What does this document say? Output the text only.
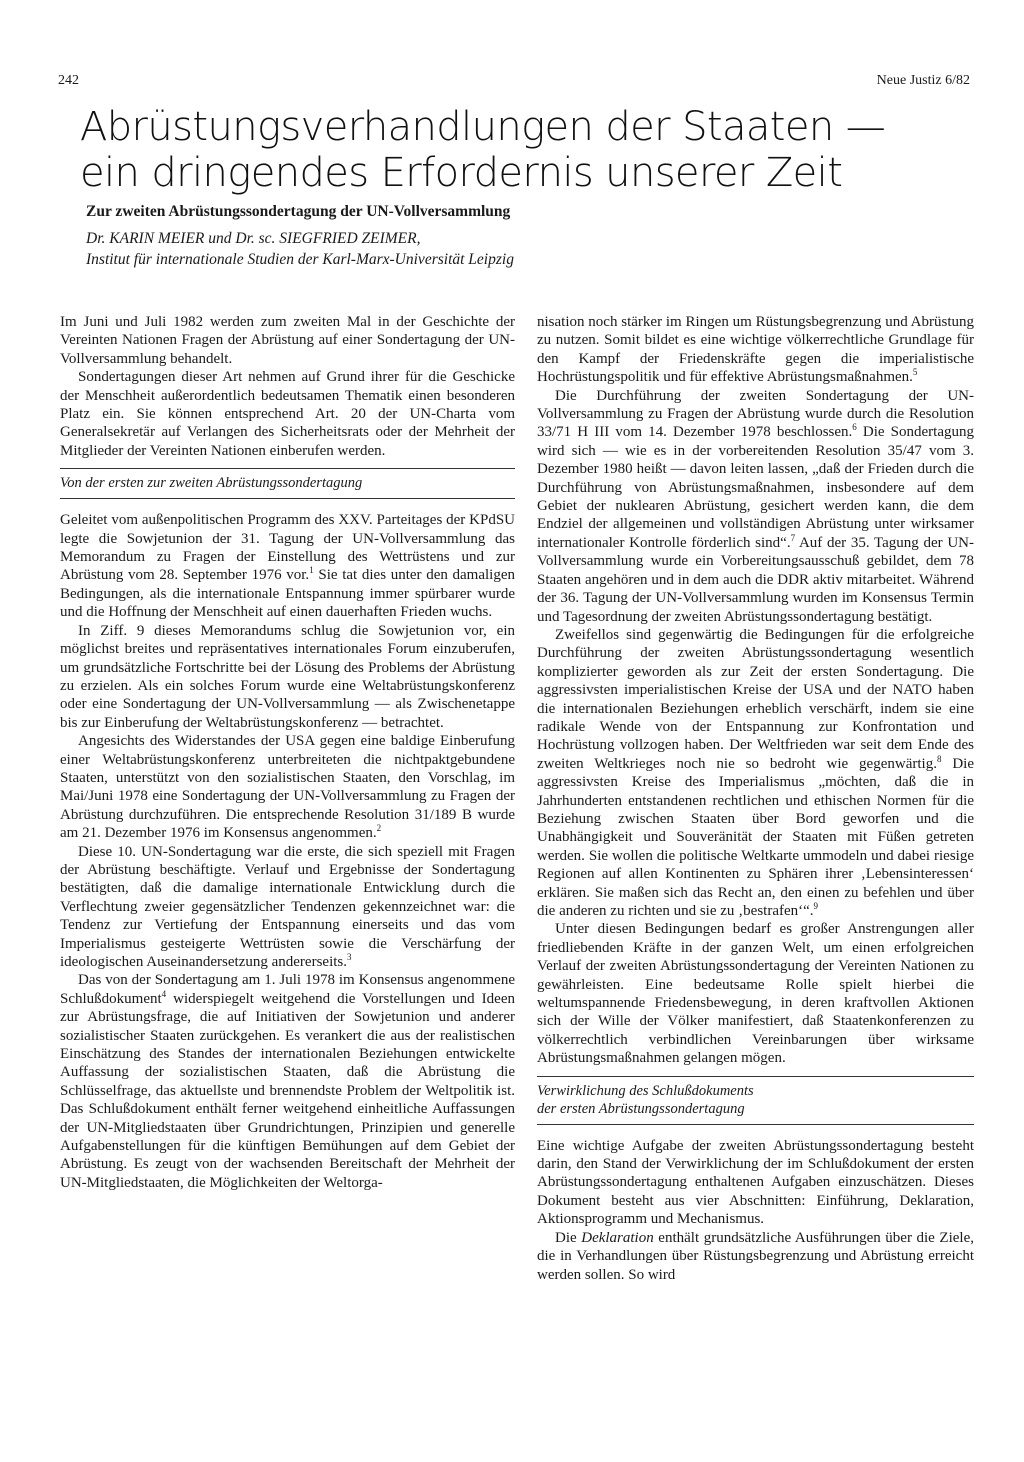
242	Neue Justiz 6/82
Abrüstungsverhandlungen der Staaten —
ein dringendes Erfordernis unserer Zeit
Zur zweiten Abrüstungssondertagung der UN-Vollversammlung
Dr. KARIN MEIER und Dr. sc. SIEGFRIED ZEIMER,
Institut für internationale Studien der Karl-Marx-Universität Leipzig

Im Juni und Juli 1982 werden zum zweiten Mal in der Geschichte der Vereinten Nationen Fragen der Abrüstung auf einer Sondertagung der UN-Vollversammlung behandelt.

Sondertagungen dieser Art nehmen auf Grund ihrer für die Geschicke der Menschheit außerordentlich bedeutsamen Thematik einen besonderen Platz ein. Sie können entsprechend Art. 20 der UN-Charta vom Generalsekretär auf Verlangen des Sicherheitsrats oder der Mehrheit der Mitglieder der Vereinten Nationen einberufen werden.

Von der ersten zur zweiten Abrüstungssondertagung

Geleitet vom außenpolitischen Programm des XXV. Parteitages der KPdSU legte die Sowjetunion der 31. Tagung der UN-Vollversammlung das Memorandum zu Fragen der Einstellung des Wettrüstens und zur Abrüstung vom 28. September 1976 vor.$^1$ Sie tat dies unter den damaligen Bedingungen, als die internationale Entspannung immer spürbarer wurde und die Hoffnung der Menschheit auf einen dauerhaften Frieden wuchs.

In Ziff. 9 dieses Memorandums schlug die Sowjetunion vor, ein möglichst breites und repräsentatives internationales Forum einzuberufen, um grundsätzliche Fortschritte bei der Lösung des Problems der Abrüstung zu erzielen. Als ein solches Forum wurde eine Weltabrüstungskonferenz oder eine Sondertagung der UN-Vollversammlung — als Zwischenetappe bis zur Einberufung der Weltabrüstungskonferenz — betrachtet.

Angesichts des Widerstandes der USA gegen eine baldige Einberufung einer Weltabrüstungskonferenz unterbreiteten die nichtpaktgebundene Staaten, unterstützt von den sozialistischen Staaten, den Vorschlag, im Mai/Juni 1978 eine Sondertagung der UN-Vollversammlung zu Fragen der Abrüstung durchzuführen. Die entsprechende Resolution 31/189 B wurde am 21. Dezember 1976 im Konsensus angenommen.$^2$

Diese 10. UN-Sondertagung war die erste, die sich speziell mit Fragen der Abrüstung beschäftigte. Verlauf und Ergebnisse der Sondertagung bestätigten, daß die damalige internationale Entwicklung durch die Verflechtung zweier gegensätzlicher Tendenzen gekennzeichnet war: die Tendenz zur Vertiefung der Entspannung einerseits und das vom Imperialismus gesteigerte Wettrüsten sowie die Verschärfung der ideologischen Auseinandersetzung andererseits.$^3$

Das von der Sondertagung am 1. Juli 1978 im Konsensus angenommene Schlußdokument$^4$ widerspiegelt weitgehend die Vorstellungen und Ideen zur Abrüstungsfrage, die auf Initiativen der Sowjetunion und anderer sozialistischer Staaten zurückgehen. Es verankert die aus der realistischen Einschätzung des Standes der internationalen Beziehungen entwickelte Auffassung der sozialistischen Staaten, daß die Abrüstung die Schlüsselfrage, das aktuellste und brennendste Problem der Weltpolitik ist. Das Schlußdokument enthält ferner weitgehend einheitliche Auffassungen der UN-Mitgliedstaaten über Grundrichtungen, Prinzipien und generelle Aufgabenstellungen für die künftigen Bemühungen auf dem Gebiet der Abrüstung. Es zeugt von der wachsenden Bereitschaft der Mehrheit der UN-Mitgliedstaaten, die Möglichkeiten der Weltorga-

nisation noch stärker im Ringen um Rüstungsbegrenzung und Abrüstung zu nutzen. Somit bildet es eine wichtige völkerrechtliche Grundlage für den Kampf der Friedenskräfte gegen die imperialistische Hochrüstungspolitik und für effektive Abrüstungsmaßnahmen.$^5$

Die Durchführung der zweiten Sondertagung der UN-Vollversammlung zu Fragen der Abrüstung wurde durch die Resolution 33/71 H III vom 14. Dezember 1978 beschlossen.$^6$ Die Sondertagung wird sich — wie es in der vorbereitenden Resolution 35/47 vom 3. Dezember 1980 heißt — davon leiten lassen, „daß der Frieden durch die Durchführung von Abrüstungsmaßnahmen, insbesondere auf dem Gebiet der nuklearen Abrüstung, gesichert werden kann, die dem Endziel der allgemeinen und vollständigen Abrüstung unter wirksamer internationaler Kontrolle förderlich sind“.$^7$ Auf der 35. Tagung der UN-Vollversammlung wurde ein Vorbereitungsausschuß gebildet, dem 78 Staaten angehören und in dem auch die DDR aktiv mitarbeitet. Während der 36. Tagung der UN-Vollversammlung wurden im Konsensus Termin und Tagesordnung der zweiten Abrüstungssondertagung bestätigt.

Zweifellos sind gegenwärtig die Bedingungen für die erfolgreiche Durchführung der zweiten Abrüstungssondertagung wesentlich komplizierter geworden als zur Zeit der ersten Sondertagung. Die aggressivsten imperialistischen Kreise der USA und der NATO haben die internationalen Beziehungen erheblich verschärft, indem sie eine radikale Wende von der Entspannung zur Konfrontation und Hochrüstung vollzogen haben. Der Weltfrieden war seit dem Ende des zweiten Weltkrieges noch nie so bedroht wie gegenwärtig.$^8$ Die aggressivsten Kreise des Imperialismus „möchten, daß die in Jahrhunderten entstandenen rechtlichen und ethischen Normen für die Beziehung zwischen Staaten über Bord geworfen und die Unabhängigkeit und Souveränität der Staaten mit Füßen getreten werden. Sie wollen die politische Weltkarte ummodeln und dabei riesige Regionen auf allen Kontinenten zu Sphären ihrer ‚Lebensinteressen‘ erklären. Sie maßen sich das Recht an, den einen zu befehlen und über die anderen zu richten und sie zu ‚bestrafen‘“.$^9$

Unter diesen Bedingungen bedarf es großer Anstrengungen aller friedliebenden Kräfte in der ganzen Welt, um einen erfolgreichen Verlauf der zweiten Abrüstungssondertagung der Vereinten Nationen zu gewährleisten. Eine bedeutsame Rolle spielt hierbei die weltumspannende Friedensbewegung, in deren kraftvollen Aktionen sich der Wille der Völker manifestiert, daß Staatenkonferenzen zu völkerrechtlich verbindlichen Vereinbarungen über wirksame Abrüstungsmaßnahmen gelangen mögen.

Verwirklichung des Schlußdokuments
der ersten Abrüstungssondertagung

Eine wichtige Aufgabe der zweiten Abrüstungssondertagung besteht darin, den Stand der Verwirklichung der im Schlußdokument der ersten Abrüstungssondertagung enthaltenen Aufgaben einzuschätzen. Dieses Dokument besteht aus vier Abschnitten: Einführung, Deklaration, Aktionsprogramm und Mechanismus.

Die Deklaration enthält grundsätzliche Ausführungen über die Ziele, die in Verhandlungen über Rüstungsbegrenzung und Abrüstung erreicht werden sollen. So wird
